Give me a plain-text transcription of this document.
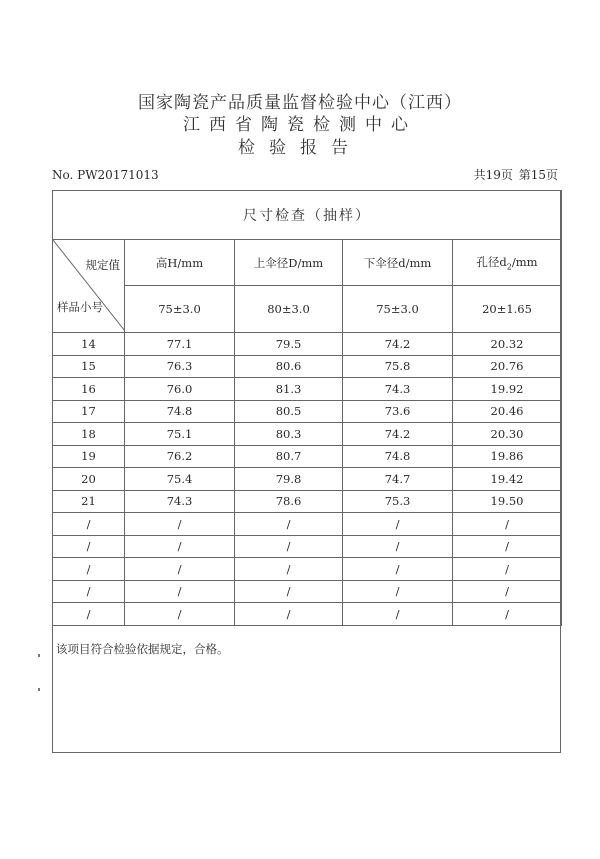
国家陶瓷产品质量监督检验中心（江西）
江西省陶瓷检测中心
检验报告
No. PW20171013	共19页 第15页
尺寸检查（抽样）				

规定值
样品小号	高H/mm	上伞径D/mm	下伞径d/mm	孔径$d_2/mm$
	75±3.0	80±3.0	75±3.0	20±1.65
14	77.1	79.5	74.2	20.32
15	76.3	80.6	75.8	20.76
16	76.0	81.3	74.3	19.92
17	74.8	80.5	73.6	20.46
18	75.1	80.3	74.2	20.30
19	76.2	80.7	74.8	19.86
20	75.4	79.8	74.7	19.42
21	74.3	78.6	75.3	19.50
/	/	/	/	/
/	/	/	/	/
/	/	/	/	/
/	/	/	/	/
/	/	/	/	/
该项目符合检验依据规定，合格。
